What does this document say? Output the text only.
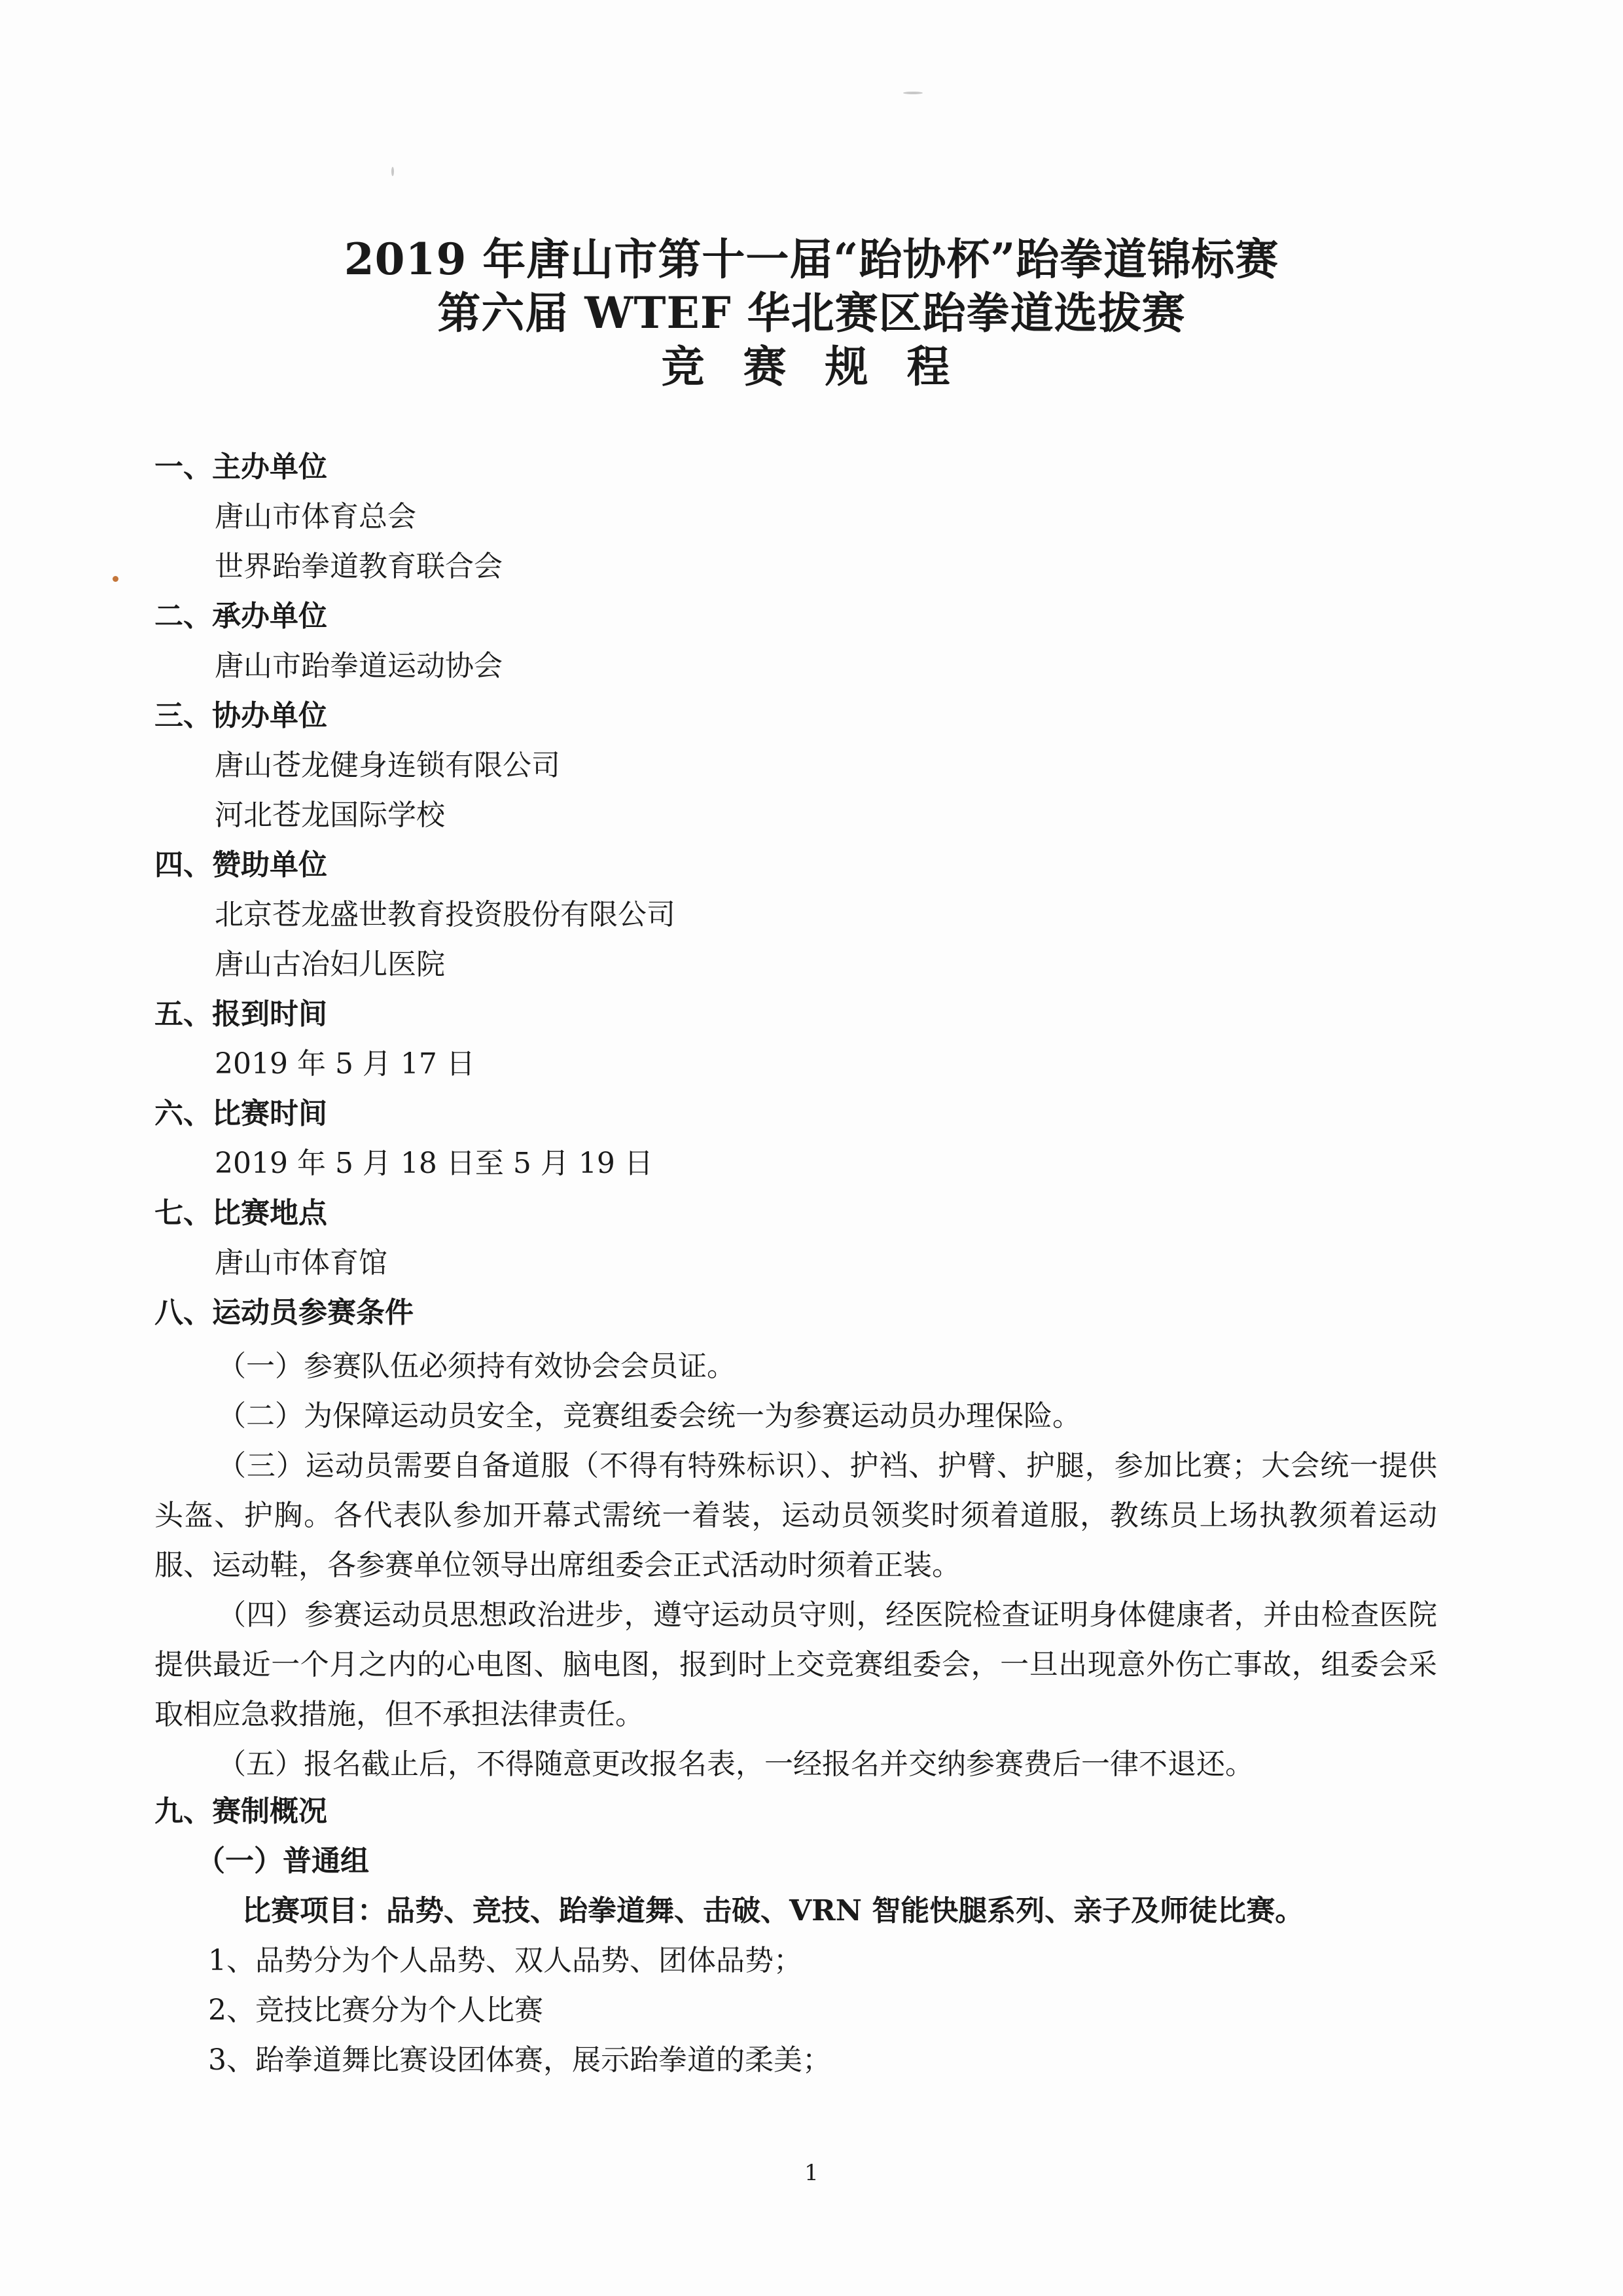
2019 年唐山市第十一届“跆协杯”跆拳道锦标赛
第六届 WTEF 华北赛区跆拳道选拔赛
竞 赛 规 程
一、主办单位
唐山市体育总会
世界跆拳道教育联合会
二、承办单位
唐山市跆拳道运动协会
三、协办单位
唐山苍龙健身连锁有限公司
河北苍龙国际学校
四、赞助单位
北京苍龙盛世教育投资股份有限公司
唐山古冶妇儿医院
五、报到时间
2019 年 5 月 17 日
六、比赛时间
2019 年 5 月 18 日至 5 月 19 日
七、比赛地点
唐山市体育馆
八、运动员参赛条件
（一）参赛队伍必须持有效协会会员证。
（二）为保障运动员安全，竞赛组委会统一为参赛运动员办理保险。
（三）运动员需要自备道服（不得有特殊标识）、护裆、护臂、护腿，参加比赛；大会统一提供头盔、护胸。各代表队参加开幕式需统一着装，运动员领奖时须着道服，教练员上场执教须着运动服、运动鞋，各参赛单位领导出席组委会正式活动时须着正装。
（四）参赛运动员思想政治进步，遵守运动员守则，经医院检查证明身体健康者，并由检查医院提供最近一个月之内的心电图、脑电图，报到时上交竞赛组委会，一旦出现意外伤亡事故，组委会采取相应急救措施，但不承担法律责任。
（五）报名截止后，不得随意更改报名表，一经报名并交纳参赛费后一律不退还。
九、赛制概况
（一）普通组
比赛项目：品势、竞技、跆拳道舞、击破、VRN 智能快腿系列、亲子及师徒比赛。
1、品势分为个人品势、双人品势、团体品势；
2、竞技比赛分为个人比赛
3、跆拳道舞比赛设团体赛，展示跆拳道的柔美；
1
